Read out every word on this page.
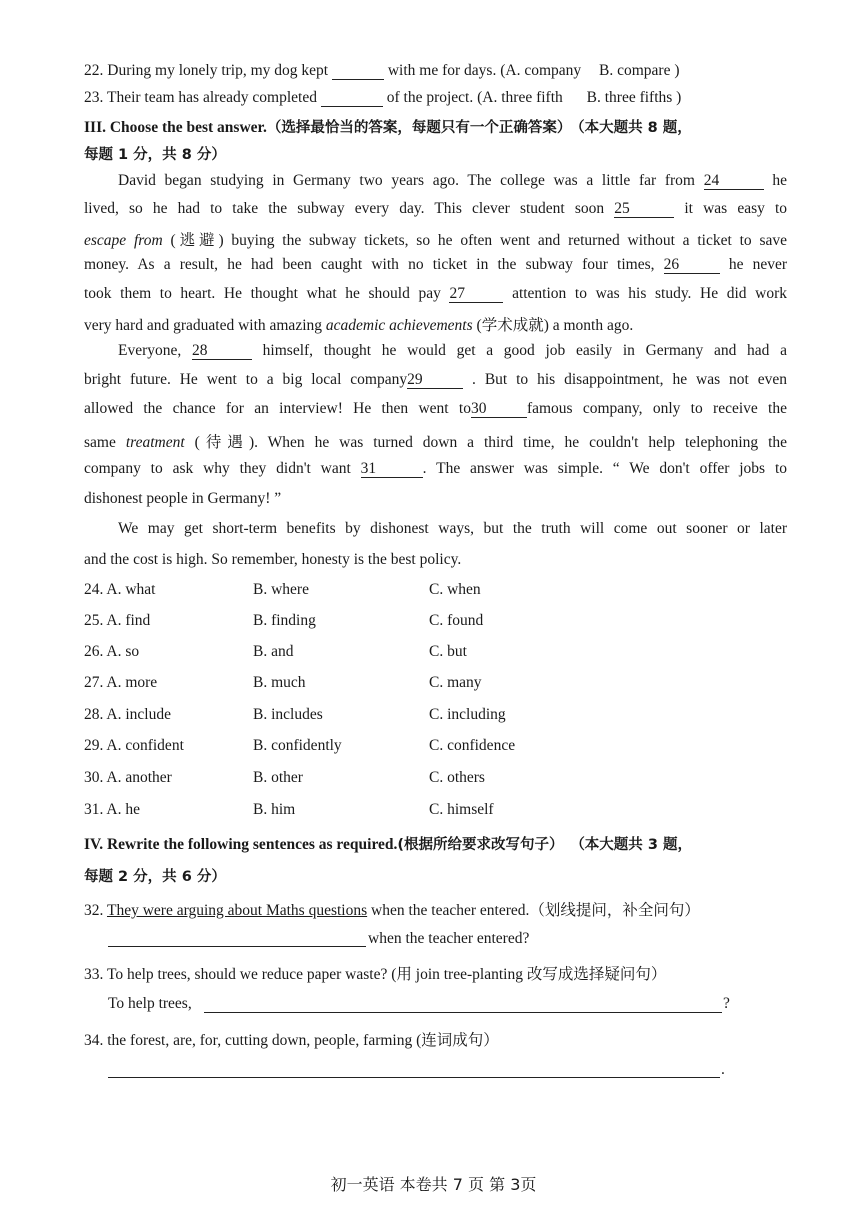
22. During my lonely trip, my dog kept	with me for days. (A. company B. compare )
23. Their team has already completed	of the project. (A. three fifth B. three fifths )
III. Choose the best answer.（选择最恰当的答案，每题只有一个正确答案） （本大题共 8 题，
每题 1 分，共 8 分）
David began studying in Germany two years ago. The college was a little far from 24	he
lived, so he had to take the subway every day. This clever student soon 25	it was easy to
escape from (逃避) buying the subway tickets, so he often went and returned without a ticket to save
money. As a result, he had been caught with no ticket in the subway four times, 26	he never
took them to heart. He thought what he should pay 27	attention to was his study. He did work
very hard and graduated with amazing academic achievements (学术成就) a month ago.
Everyone, 28	himself, thought he would get a good job easily in Germany and had a
bright future. He went to a big local company29	. But to his disappointment, he was not even
allowed the chance for an interview! He then went to30	famous company, only to receive the
same treatment (待遇). When he was turned down a third time, he couldn't help telephoning the
company to ask why they didn't want 31	. The answer was simple. “ We don't offer jobs to
dishonest people in Germany! ”
We may get short-term benefits by dishonest ways, but the truth will come out sooner or later
and the cost is high. So remember, honesty is the best policy.
24. A. what	B. where	C. when
25. A. find	B. finding	C. found
26. A. so	B. and	C. but
27. A. more	B. much	C. many
28. A. include	B. includes	C. including
29. A. confident	B. confidently	C. confidence
30. A. another	B. other	C. others
31. A. he	B. him	C. himself
IV. Rewrite the following sentences as required.(根据所给要求改写句子） （本大题共 3 题，
每题 2 分，共 6 分）
32. They were arguing about Maths questions when the teacher entered.（划线提问，补全问句）
when the teacher entered?
33. To help trees, should we reduce paper waste? (用 join tree-planting 改写成选择疑问句）
To help trees,	?
34. the forest, are, for, cutting down, people, farming (连词成句）
.
初一英语 本卷共 7 页 第 3页
